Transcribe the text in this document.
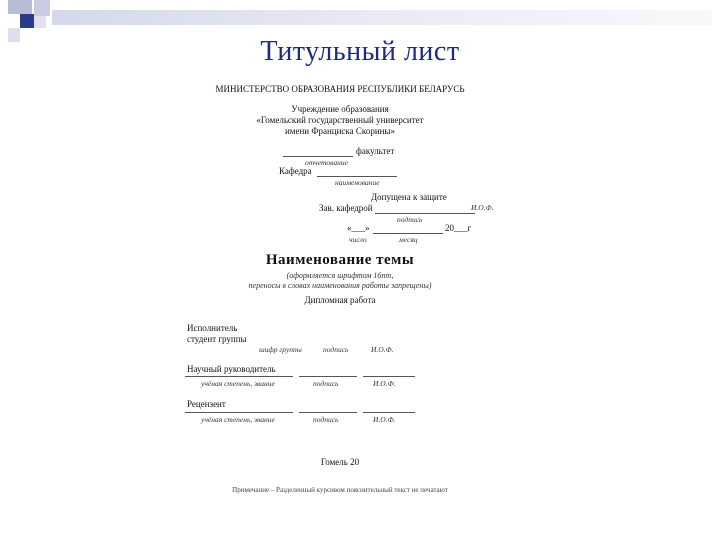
Титульный лист
МИНИСТЕРСТВО ОБРАЗОВАНИЯ РЕСПУБЛИКИ БЕЛАРУСЬ
Учреждение образования
«Гомельский государственный университет
имени Франциска Скорины»
факультет
отчетование
Кафедра
наименование
Допущена к защите
Зав. кафедрой	И.О.Ф.
подпись
«___»	20___г
число	месяц
Наименование темы
(оформляется шрифтом 16пт,
переносы в словах наименования работы запрещены)
Дипломная работа
Исполнитель
студент группы
шифр группы	подпись	И.О.Ф.
Научный руководитель
учёная степень, звание	подпись	И.О.Ф.
Рецензент
учёная степень, звание	подпись	И.О.Ф.
Гомель 20
Примечание – Разделенный курсивом пояснительный текст не печатают
